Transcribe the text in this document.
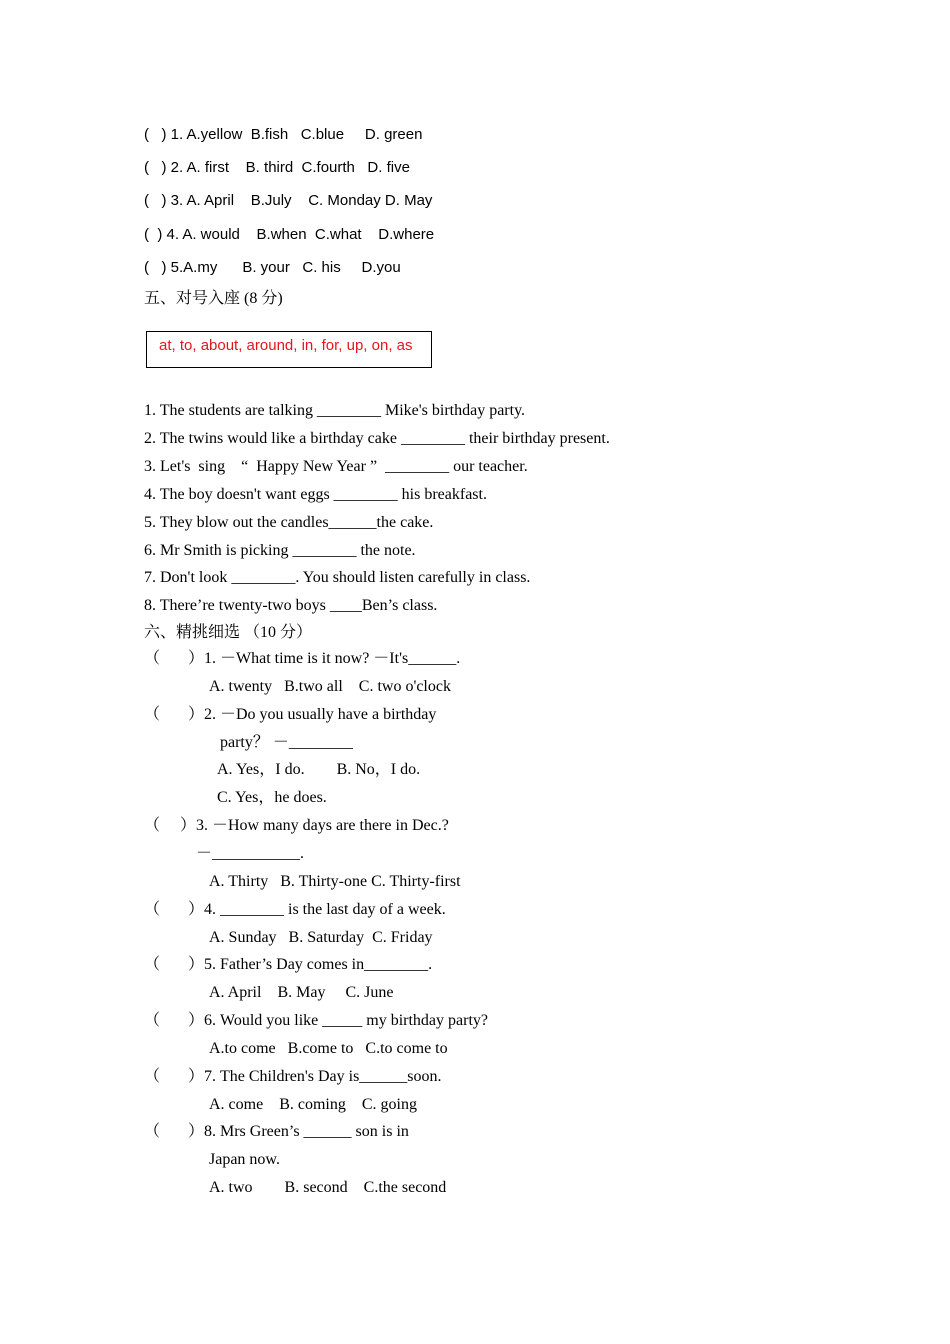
(   ) 1. A.yellow  B.fish   C.blue     D. green
(   ) 2. A. first    B. third  C.fourth   D. five
(   ) 3. A. April    B.July    C. Monday D. May
(  ) 4. A. would    B.when  C.what    D.where
(   ) 5.A.my      B. your   C. his     D.you
五、对号入座 (8 分)
at, to, about, around, in, for, up, on, as
1. The students are talking ________ Mike's birthday party.
2. The twins would like a birthday cake ________ their birthday present.
3. Let's  sing    “  Happy New Year ”  ________ our teacher.
4. The boy doesn't want eggs ________ his breakfast.
5. They blow out the candles______the cake.
6. Mr Smith is picking ________ the note.
7. Don't look ________. You should listen carefully in class.
8. There’re twenty-two boys ____Ben’s class.
六、精挑细选 （10 分）
（       ）1. －What time is it now? －It's______.
A. twenty   B.two all    C. two o'clock
（       ）2. －Do you usually have a birthday
party？ －________
A. Yes，I do.        B. No，I do.
C. Yes，he does.
（     ）3. －How many days are there in Dec.?
－___________.
A. Thirty   B. Thirty-one C. Thirty-first
（       ）4. ________ is the last day of a week.
A. Sunday   B. Saturday  C. Friday
（       ）5. Father’s Day comes in________.
A. April    B. May     C. June
（       ）6. Would you like _____ my birthday party?
A.to come   B.come to   C.to come to
（       ）7. The Children's Day is______soon.
A. come    B. coming    C. going
（       ）8. Mrs Green’s ______ son is in
Japan now.
A. two        B. second    C.the second
